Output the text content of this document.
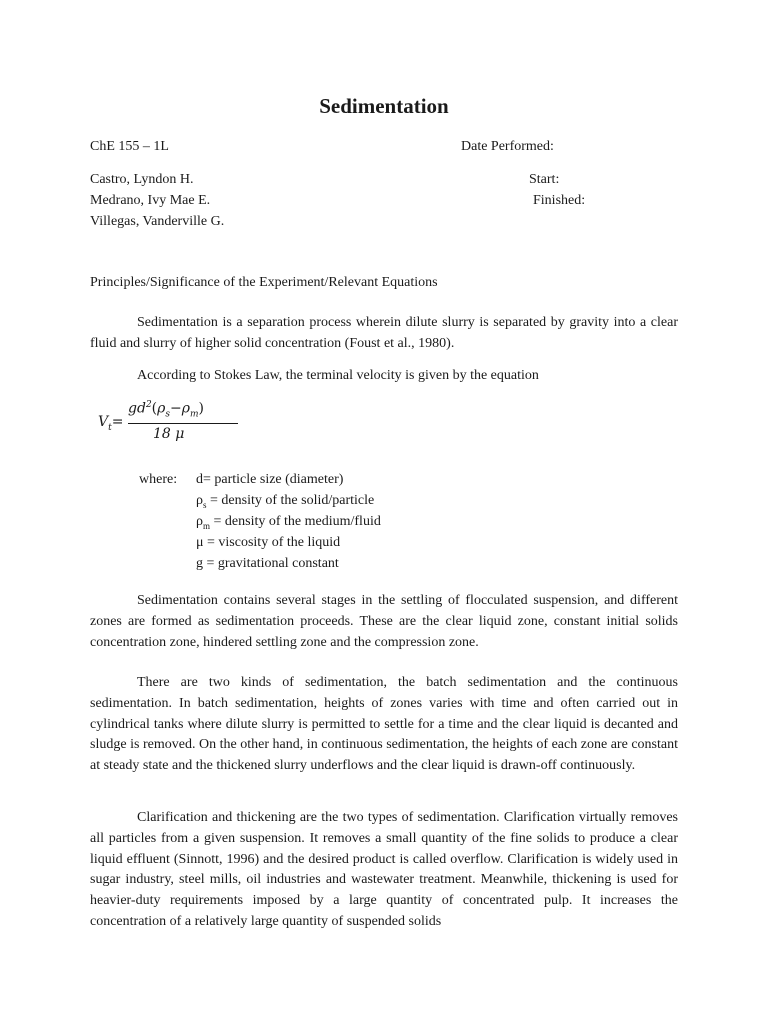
Sedimentation
ChE 155 – 1L	Date Performed:
Castro, Lyndon H.
Medrano, Ivy Mae E.
Villegas, Vanderville G.
Start:
Finished:
Principles/Significance of the Experiment/Relevant Equations

Sedimentation is a separation process wherein dilute slurry is separated by gravity into a clear fluid and slurry of higher solid concentration (Foust et al., 1980).

According to Stokes Law, the terminal velocity is given by the equation

$V_t=$
$gd^2(\rho_s-\rho_m)$
18 μ
where: d= particle size (diameter)
$\rho_s$ = density of the solid/particle
$\rho_m$ = density of the medium/fluid
μ = viscosity of the liquid
g = gravitational constant

Sedimentation contains several stages in the settling of flocculated suspension, and different zones are formed as sedimentation proceeds. These are the clear liquid zone, constant initial solids concentration zone, hindered settling zone and the compression zone.

There are two kinds of sedimentation, the batch sedimentation and the continuous sedimentation. In batch sedimentation, heights of zones varies with time and often carried out in cylindrical tanks where dilute slurry is permitted to settle for a time and the clear liquid is decanted and sludge is removed. On the other hand, in continuous sedimentation, the heights of each zone are constant at steady state and the thickened slurry underflows and the clear liquid is drawn-off continuously.

Clarification and thickening are the two types of sedimentation. Clarification virtually removes all particles from a given suspension. It removes a small quantity of the fine solids to produce a clear liquid effluent (Sinnott, 1996) and the desired product is called overflow. Clarification is widely used in sugar industry, steel mills, oil industries and wastewater treatment. Meanwhile, thickening is used for heavier-duty requirements imposed by a large quantity of concentrated pulp. It increases the concentration of a relatively large quantity of suspended solids
